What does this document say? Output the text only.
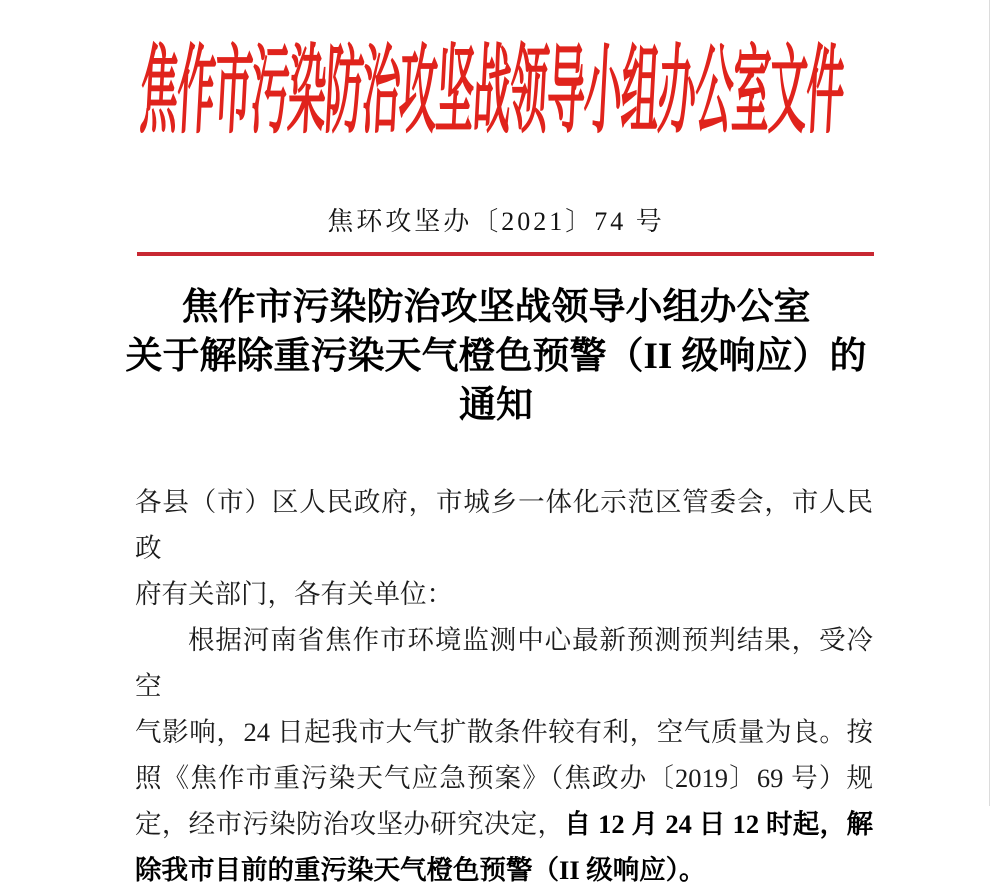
焦作市污染防治攻坚战领导小组办公室文件
焦环攻坚办〔2021〕74 号
焦作市污染防治攻坚战领导小组办公室
关于解除重污染天气橙色预警（II 级响应）的
通知
各县（市）区人民政府，市城乡一体化示范区管委会，市人民政
府有关部门，各有关单位：
根据河南省焦作市环境监测中心最新预测预判结果，受冷空
气影响，24 日起我市大气扩散条件较有利，空气质量为良。按
照《焦作市重污染天气应急预案》（焦政办〔2019〕69 号）规
定，经市污染防治攻坚办研究决定，自 12 月 24 日 12 时起，解
除我市目前的重污染天气橙色预警（II 级响应）。
